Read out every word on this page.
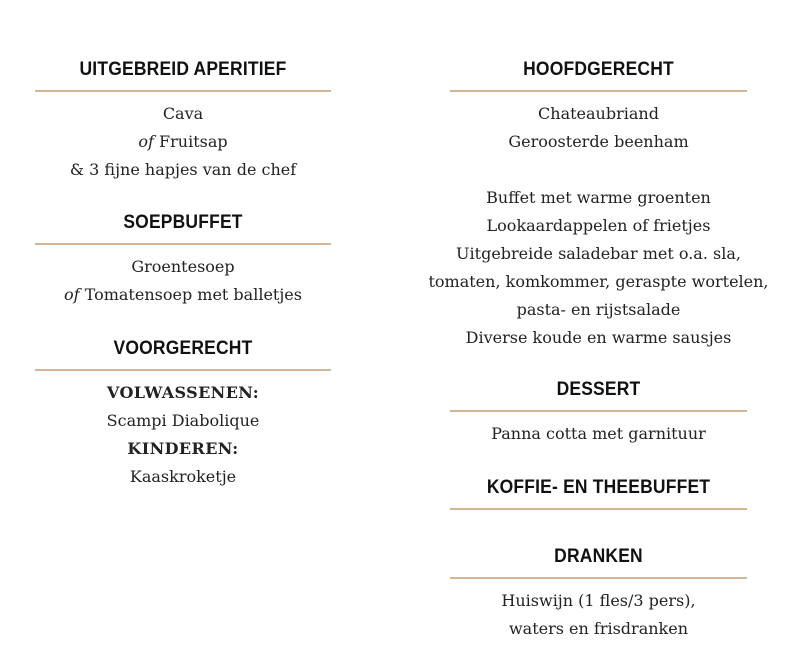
UITGEBREID APERITIEF
Cava
of Fruitsap
& 3 fijne hapjes van de chef
SOEPBUFFET
Groentesoep
of Tomatensoep met balletjes
VOORGERECHT
VOLWASSENEN:
Scampi Diabolique
KINDEREN:
Kaaskroketje
HOOFDGERECHT
Chateaubriand
Geroosterde beenham
Buffet met warme groenten
Lookaardappelen of frietjes
Uitgebreide saladebar met o.a. sla,
tomaten, komkommer, geraspte wortelen,
pasta- en rijstsalade
Diverse koude en warme sausjes
DESSERT
Panna cotta met garnituur
KOFFIE- EN THEEBUFFET
DRANKEN
Huiswijn (1 fles/3 pers),
waters en frisdranken
